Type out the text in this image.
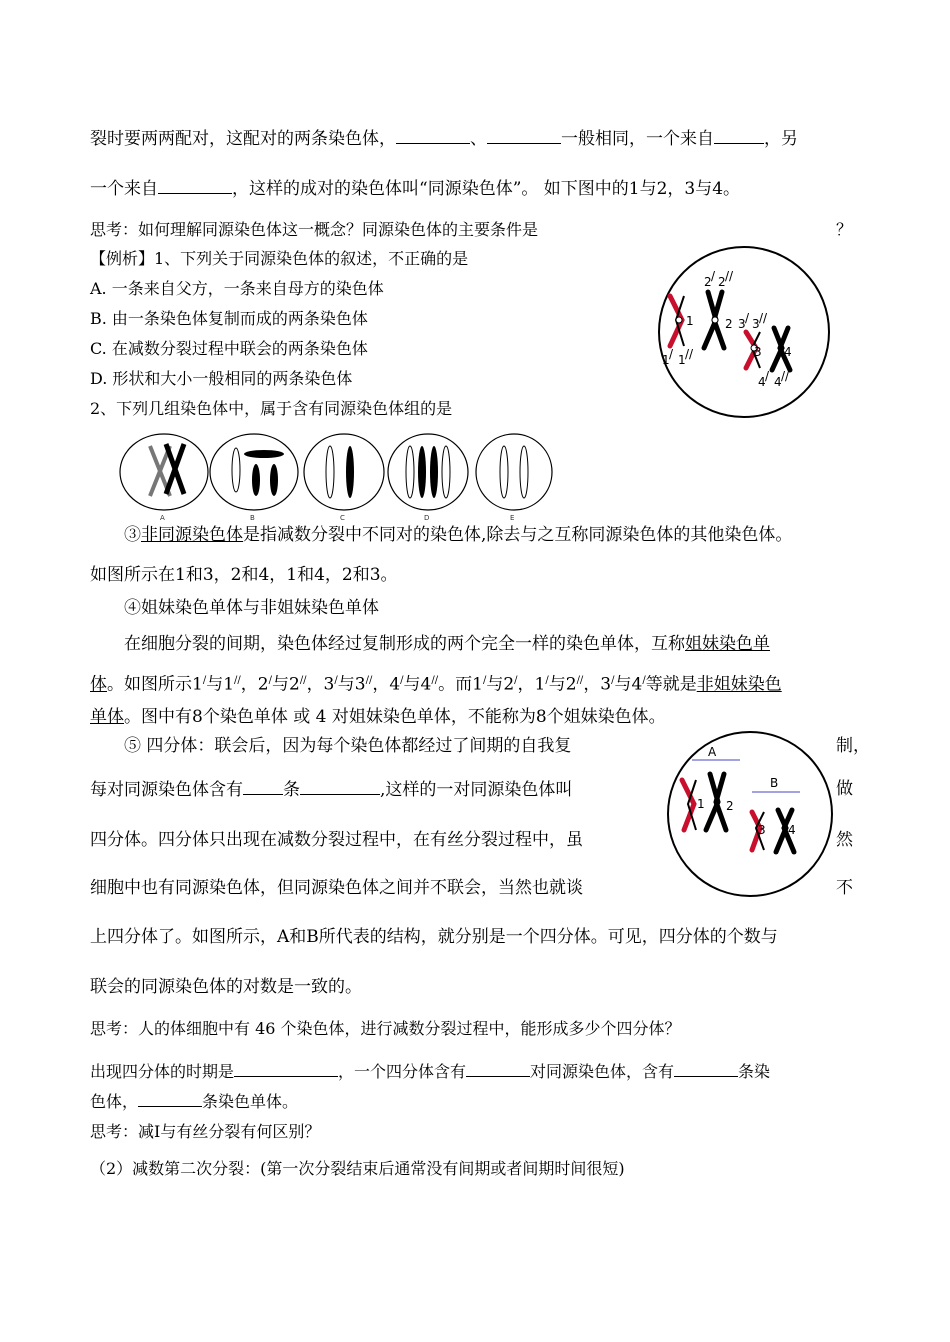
裂时要两两配对，这配对的两条染色体，	、	一般相同，一个来自	，另
一个来自	，这样的成对的染色体叫“同源染色体”。 如下图中的1与2，3与4。
思考：如何理解同源染色体这一概念？同源染色体的主要条件是	？
【例析】1、下列关于同源染色体的叙述，不正确的是
A. 一条来自父方，一条来自母方的染色体
B. 由一条染色体复制而成的两条染色体
C. 在减数分裂过程中联会的两条染色体
D. 形状和大小一般相同的两条染色体
2、下列几组染色体中，属于含有同源染色体组的是
1
1 / 1 //
2 / 2 //
2 3 / 3 //
3 4
4 / 4 //
A	B	C	D	E
③非同源染色体是指减数分裂中不同对的染色体,除去与之互称同源染色体的其他染色体。
如图所示在1和3，2和4，1和4，2和3。
④姐妹染色单体与非姐妹染色单体
在细胞分裂的间期，染色体经过复制形成的两个完全一样的染色单体，互称姐妹染色单
体。如图所示1/与1//，2/与2//，3/与3//，4/与4//。而1/与2/，1/与2//，3/与4/等就是非姐妹染色
单体。图中有8个染色单体 或 4 对姐妹染色单体，不能称为8个姐妹染色体。
⑤ 四分体：联会后，因为每个染色体都经过了间期的自我复	制，
每对同源染色体含有 条	,这样的一对同源染色体叫	做
四分体。四分体只出现在减数分裂过程中，在有丝分裂过程中，虽	然
细胞中也有同源染色体，但同源染色体之间并不联会，当然也就谈	不
上四分体了。如图所示，A和B所代表的结构，就分别是一个四分体。可见，四分体的个数与
联会的同源染色体的对数是一致的。
A
B
1 2
3 4
思考：人的体细胞中有 46 个染色体，进行减数分裂过程中，能形成多少个四分体？
出现四分体的时期是	，一个四分体含有	对同源染色体，含有	条染
色体，	条染色单体。
思考：减Ⅰ与有丝分裂有何区别？
（2）减数第二次分裂：(第一次分裂结束后通常没有间期或者间期时间很短)
